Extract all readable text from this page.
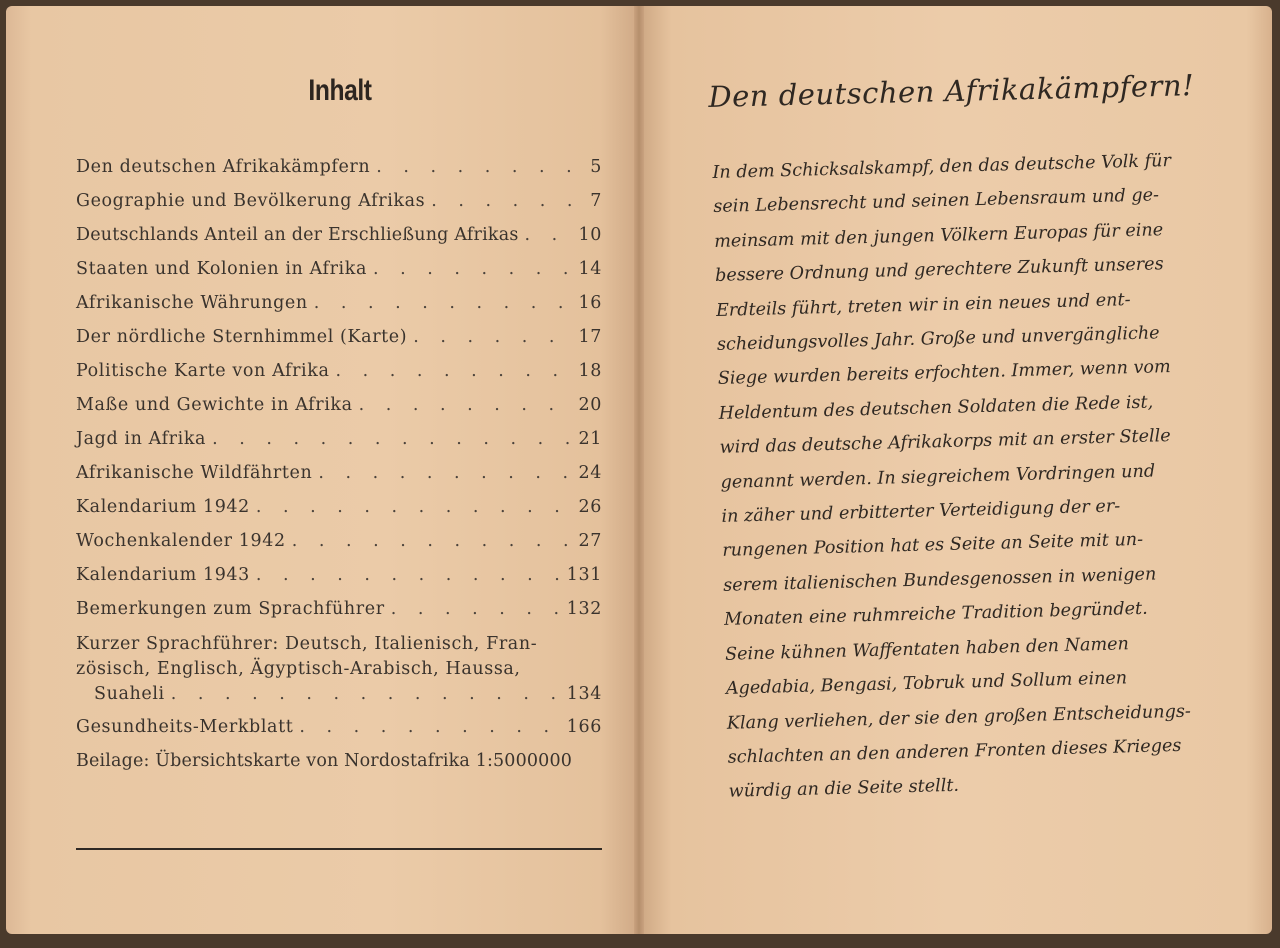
Inhalt
Den deutschen Afrikakämpfern . . .	5
Geographie und Bevölkerung Afrikas . . .	7
Deutschlands Anteil an der Erschließung Afrikas . . .	10
Staaten und Kolonien in Afrika . . .	14
Afrikanische Währungen . . .	16
Der nördliche Sternhimmel (Karte) . . .	17
Politische Karte von Afrika . . .	18
Maße und Gewichte in Afrika . . .	20
Jagd in Afrika . . .	21
Afrikanische Wildfährten . . .	24
Kalendarium 1942 . . .	26
Wochenkalender 1942 . . .	27
Kalendarium 1943 . . .	131
Bemerkungen zum Sprachführer . . .	132
Kurzer Sprachführer: Deutsch, Italienisch, Fran-
zösisch, Englisch, Ägyptisch-Arabisch, Haussa,
Suaheli . . .	134
Gesundheits-Merkblatt . . .	166
Beilage: Übersichtskarte von Nordostafrika 1:5000000
Den deutschen Afrikakämpfern!
In dem Schicksalskampf, den das deutsche Volk für
sein Lebensrecht und seinen Lebensraum und ge-
meinsam mit den jungen Völkern Europas für eine
bessere Ordnung und gerechtere Zukunft unseres
Erdteils führt, treten wir in ein neues und ent-
scheidungsvolles Jahr. Große und unvergängliche
Siege wurden bereits erfochten. Immer, wenn vom
Heldentum des deutschen Soldaten die Rede ist,
wird das deutsche Afrikakorps mit an erster Stelle
genannt werden. In siegreichem Vordringen und
in zäher und erbitterter Verteidigung der er-
rungenen Position hat es Seite an Seite mit un-
serem italienischen Bundesgenossen in wenigen
Monaten eine ruhmreiche Tradition begründet.
Seine kühnen Waffentaten haben den Namen
Agedabia, Bengasi, Tobruk und Sollum einen
Klang verliehen, der sie den großen Entscheidungs-
schlachten an den anderen Fronten dieses Krieges
würdig an die Seite stellt.
